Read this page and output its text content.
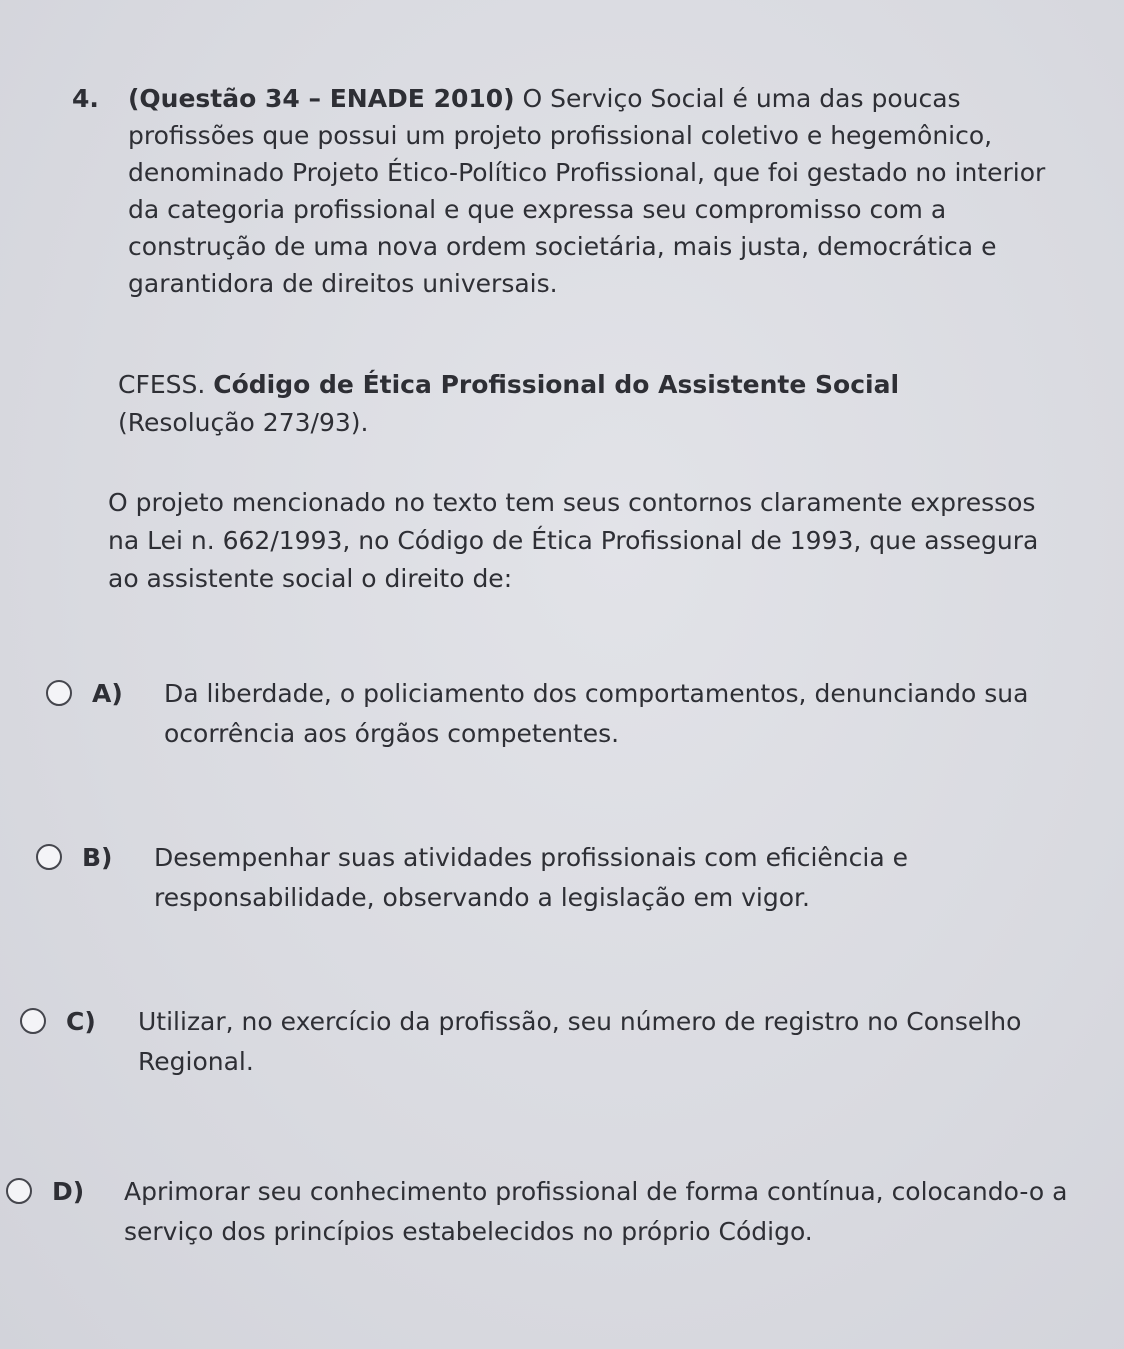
4.	(Questão 34 – ENADE 2010) O Serviço Social é uma das poucas profissões que possui um projeto profissional coletivo e hegemônico, denominado Projeto Ético-Político Profissional, que foi gestado no interior da categoria profissional e que expressa seu compromisso com a construção de uma nova ordem societária, mais justa, democrática e garantidora de direitos universais.
CFESS. Código de Ética Profissional do Assistente Social
(Resolução 273/93).
O projeto mencionado no texto tem seus contornos claramente expressos na Lei n. 662/1993, no Código de Ética Profissional de 1993, que assegura ao assistente social o direito de:
A)	Da liberdade, o policiamento dos comportamentos, denunciando sua ocorrência aos órgãos competentes.
B)	Desempenhar suas atividades profissionais com eficiência e responsabilidade, observando a legislação em vigor.
C)	Utilizar, no exercício da profissão, seu número de registro no Conselho Regional.
D)	Aprimorar seu conhecimento profissional de forma contínua, colocando-o a serviço dos princípios estabelecidos no próprio Código.
